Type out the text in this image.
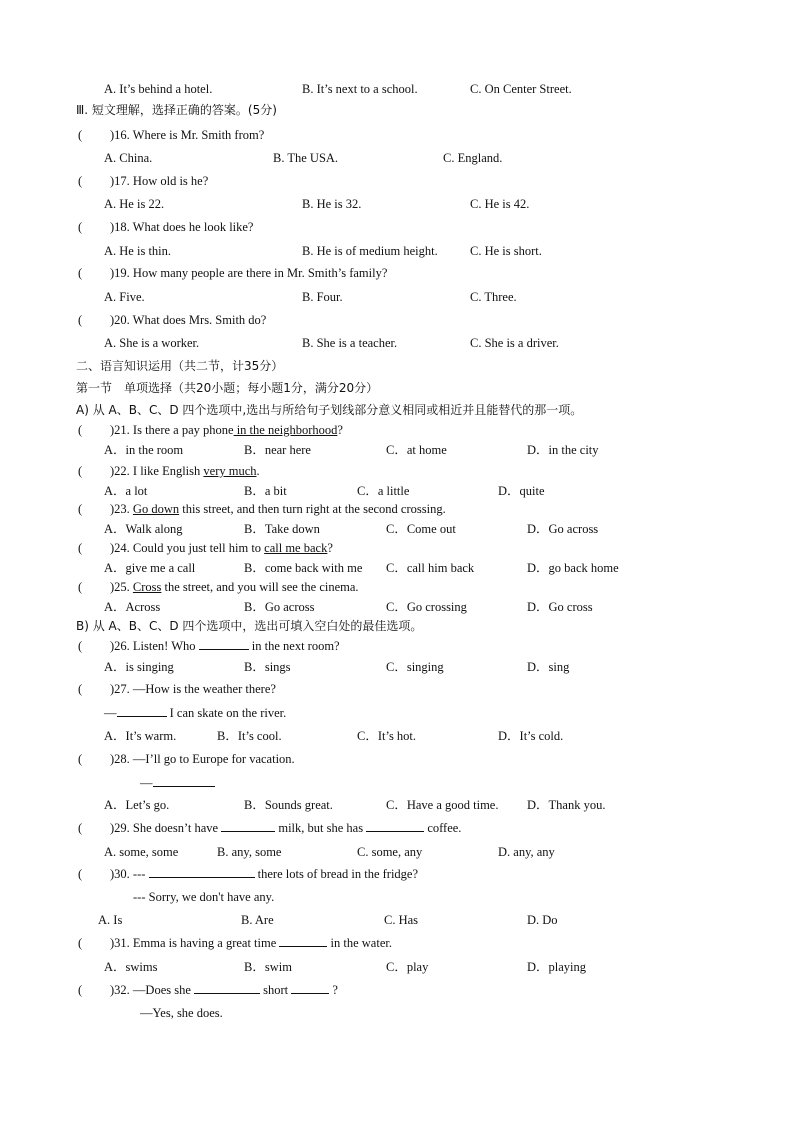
A. It’s behind a hotel.	B. It’s next to a school.	C. On Center Street.
Ⅲ. 短文理解，选择正确的答案。(5分)
( )16. Where is Mr. Smith from?
A. China.	B. The USA.	C. England.
( )17. How old is he?
A. He is 22.	B. He is 32.	C. He is 42.
( )18. What does he look like?
A. He is thin.	B. He is of medium height.	C. He is short.
( )19. How many people are there in Mr. Smith’s family?
A. Five.	B. Four.	C. Three.
( )20. What does Mrs. Smith do?
A. She is a worker.	B. She is a teacher.	C. She is a driver.
二、语言知识运用（共二节，计35分）
第一节　单项选择（共20小题；每小题1分，满分20分）
A) 从 A、B、C、D 四个选项中,选出与所给句子划线部分意义相同或相近并且能替代的那一项。
( )21. Is there a pay phone in the neighborhood?
A．in the room	B．near here	C．at home	D．in the city
( )22. I like English very much.
A．a lot	B．a bit	C．a little	D．quite
( )23. Go down this street, and then turn right at the second crossing.
A．Walk along	B．Take down	C．Come out	D．Go across
( )24. Could you just tell him to call me back?
A．give me a call	B．come back with me C．call him back	D．go back home
( )25. Cross the street, and you will see the cinema.
A．Across	B．Go across	C．Go crossing	D．Go cross
B) 从 A、B、C、D 四个选项中，选出可填入空白处的最佳选项。
( )26. Listen! Who	in the next room?
A．is singing	B．sings	C．singing	D．sing
( )27. —How is the weather there?
—	I can skate on the river.
A．It’s warm.	B．It’s cool.	C．It’s hot.	D．It’s cold.
( )28. —I’ll go to Europe for vacation.
—
A．Let’s go.	B．Sounds great.	C．Have a good time. D．Thank you.
( )29. She doesn’t have	milk, but she has	coffee.
A. some, some	B. any, some	C. some, any	D. any, any
( )30. ---	there lots of bread in the fridge?
--- Sorry, we don't have any.
A. Is	B. Are	C. Has	D. Do
( )31. Emma is having a great time	in the water.
A．swims	B．swim	C．play	D．playing
( )32. —Does she	short	?
—Yes, she does.
